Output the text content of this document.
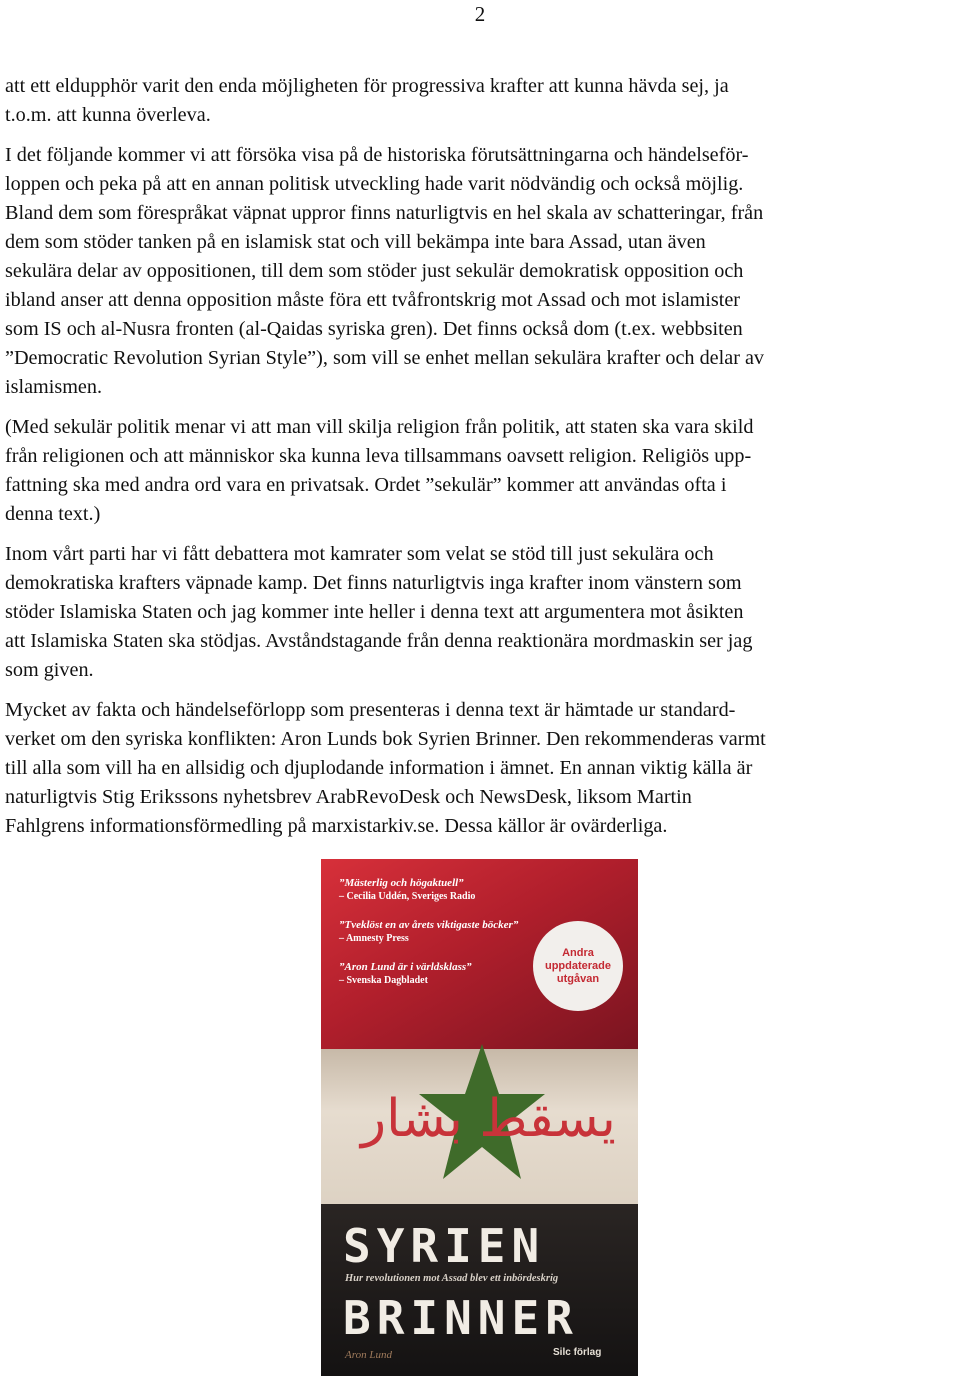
2

att ett eldupphör varit den enda möjligheten för progressiva krafter att kunna hävda sej, ja
t.o.m. att kunna överleva.

I det följande kommer vi att försöka visa på de historiska förutsättningarna och händelseför-
loppen och peka på att en annan politisk utveckling hade varit nödvändig och också möjlig.
Bland dem som förespråkat väpnat uppror finns naturligtvis en hel skala av schatteringar, från
dem som stöder tanken på en islamisk stat och vill bekämpa inte bara Assad, utan även
sekulära delar av oppositionen, till dem som stöder just sekulär demokratisk opposition och
ibland anser att denna opposition måste föra ett tvåfrontskrig mot Assad och mot islamister
som IS och al-Nusra fronten (al-Qaidas syriska gren). Det finns också dom (t.ex. webbsiten
”Democratic Revolution Syrian Style”), som vill se enhet mellan sekulära krafter och delar av
islamismen.

(Med sekulär politik menar vi att man vill skilja religion från politik, att staten ska vara skild
från religionen och att människor ska kunna leva tillsammans oavsett religion. Religiös upp-
fattning ska med andra ord vara en privatsak. Ordet ”sekulär” kommer att användas ofta i
denna text.)

Inom vårt parti har vi fått debattera mot kamrater som velat se stöd till just sekulära och
demokratiska krafters väpnade kamp. Det finns naturligtvis inga krafter inom vänstern som
stöder Islamiska Staten och jag kommer inte heller i denna text att argumentera mot åsikten
att Islamiska Staten ska stödjas. Avståndstagande från denna reaktionära mordmaskin ser jag
som given.

Mycket av fakta och händelseförlopp som presenteras i denna text är hämtade ur standard-
verket om den syriska konflikten: Aron Lunds bok Syrien Brinner. Den rekommenderas varmt
till alla som vill ha en allsidig och djuplodande information i ämnet. En annan viktig källa är
naturligtvis Stig Erikssons nyhetsbrev ArabRevoDesk och NewsDesk, liksom Martin
Fahlgrens informationsförmedling på marxistarkiv.se. Dessa källor är ovärderliga.

”Mästerlig och högaktuell”
– Cecilia Uddén, Sveriges Radio
”Tveklöst en av årets viktigaste böcker”
– Amnesty Press
”Aron Lund är i världsklass”
– Svenska Dagbladet
Andra uppdaterade utgåvan
يسقط بشار
SYRIEN
Hur revolutionen mot Assad blev ett inbördeskrig
BRINNER
Aron Lund	Silc förlag
